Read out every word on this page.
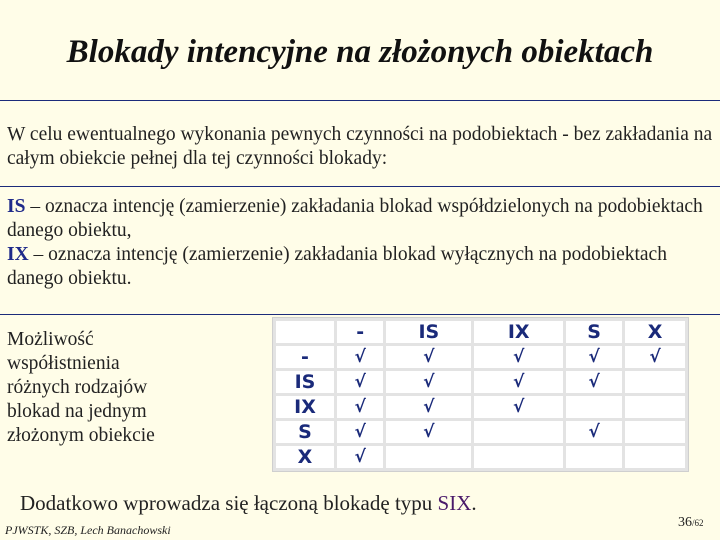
Blokady intencyjne na złożonych obiektach
W celu ewentualnego wykonania pewnych czynności na podobiektach - bez zakładania na całym obiekcie pełnej dla tej czynności blokady:
IS – oznacza intencję (zamierzenie) zakładania blokad współdzielonych na podobiektach danego obiektu,
IX – oznacza intencję (zamierzenie) zakładania blokad wyłącznych na podobiektach danego obiektu.
Możliwość
współistnienia
różnych rodzajów
blokad na jednym
złożonym obiekcie
	-	IS	IX	S	X
-	√	√	√	√	√
IS	√	√	√	√	
IX	√	√	√		
S	√	√		√	
X	√				
Dodatkowo wprowadza się łączoną blokadę typu SIX.
PJWSTK, SZB, Lech Banachowski	36/62
